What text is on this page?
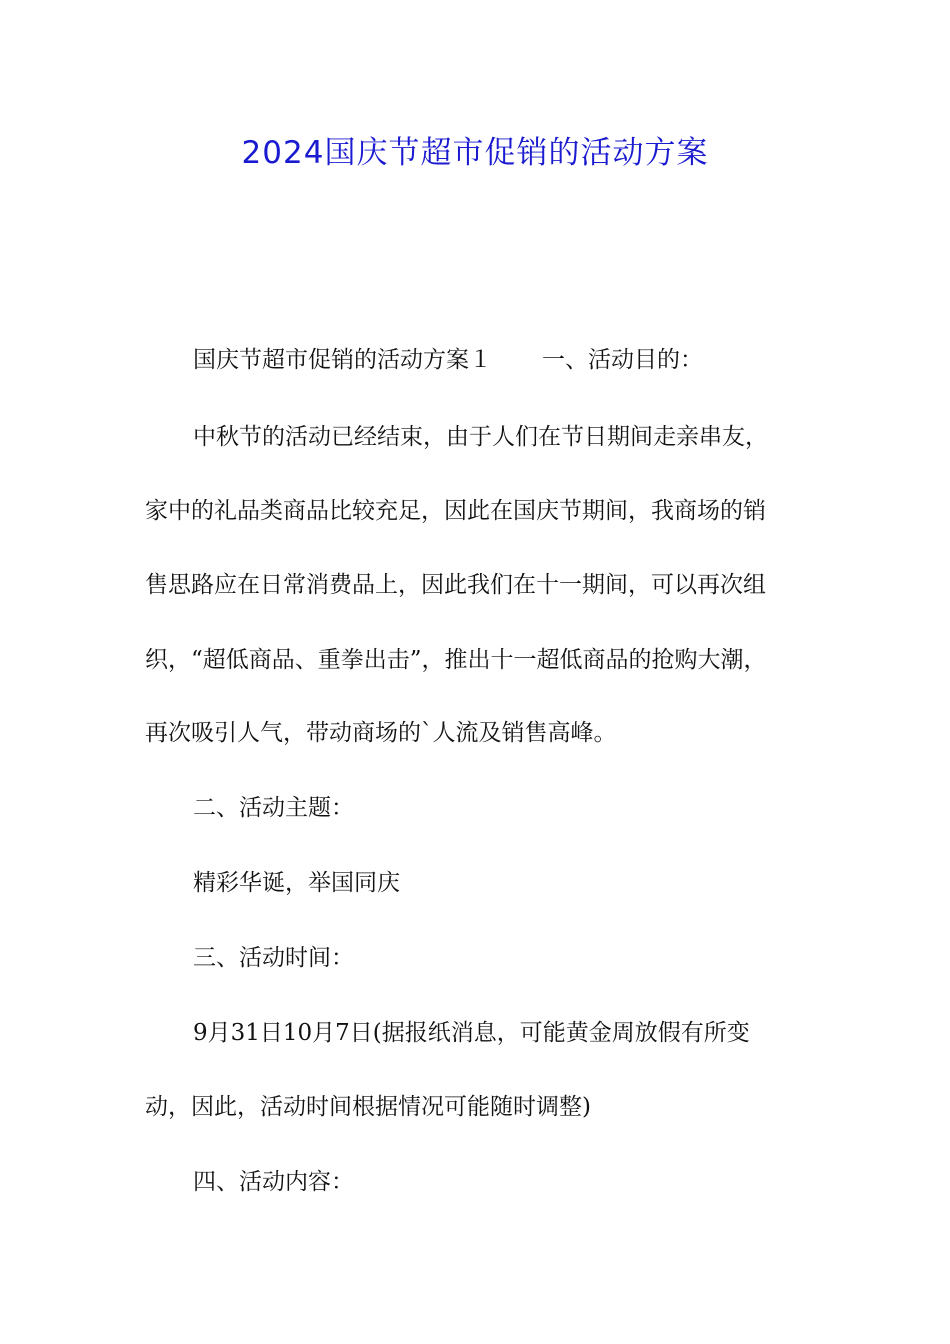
2024国庆节超市促销的活动方案
国庆节超市促销的活动方案１ 一、活动目的：
中秋节的活动已经结束，由于人们在节日期间走亲串友，
家中的礼品类商品比较充足，因此在国庆节期间，我商场的销
售思路应在日常消费品上，因此我们在十一期间，可以再次组
织，“超低商品、重拳出击”，推出十一超低商品的抢购大潮，
再次吸引人气，带动商场的`人流及销售高峰。
二、活动主题：
精彩华诞，举国同庆
三、活动时间：
9月31日10月7日(据报纸消息，可能黄金周放假有所变
动，因此，活动时间根据情况可能随时调整)
四、活动内容：
